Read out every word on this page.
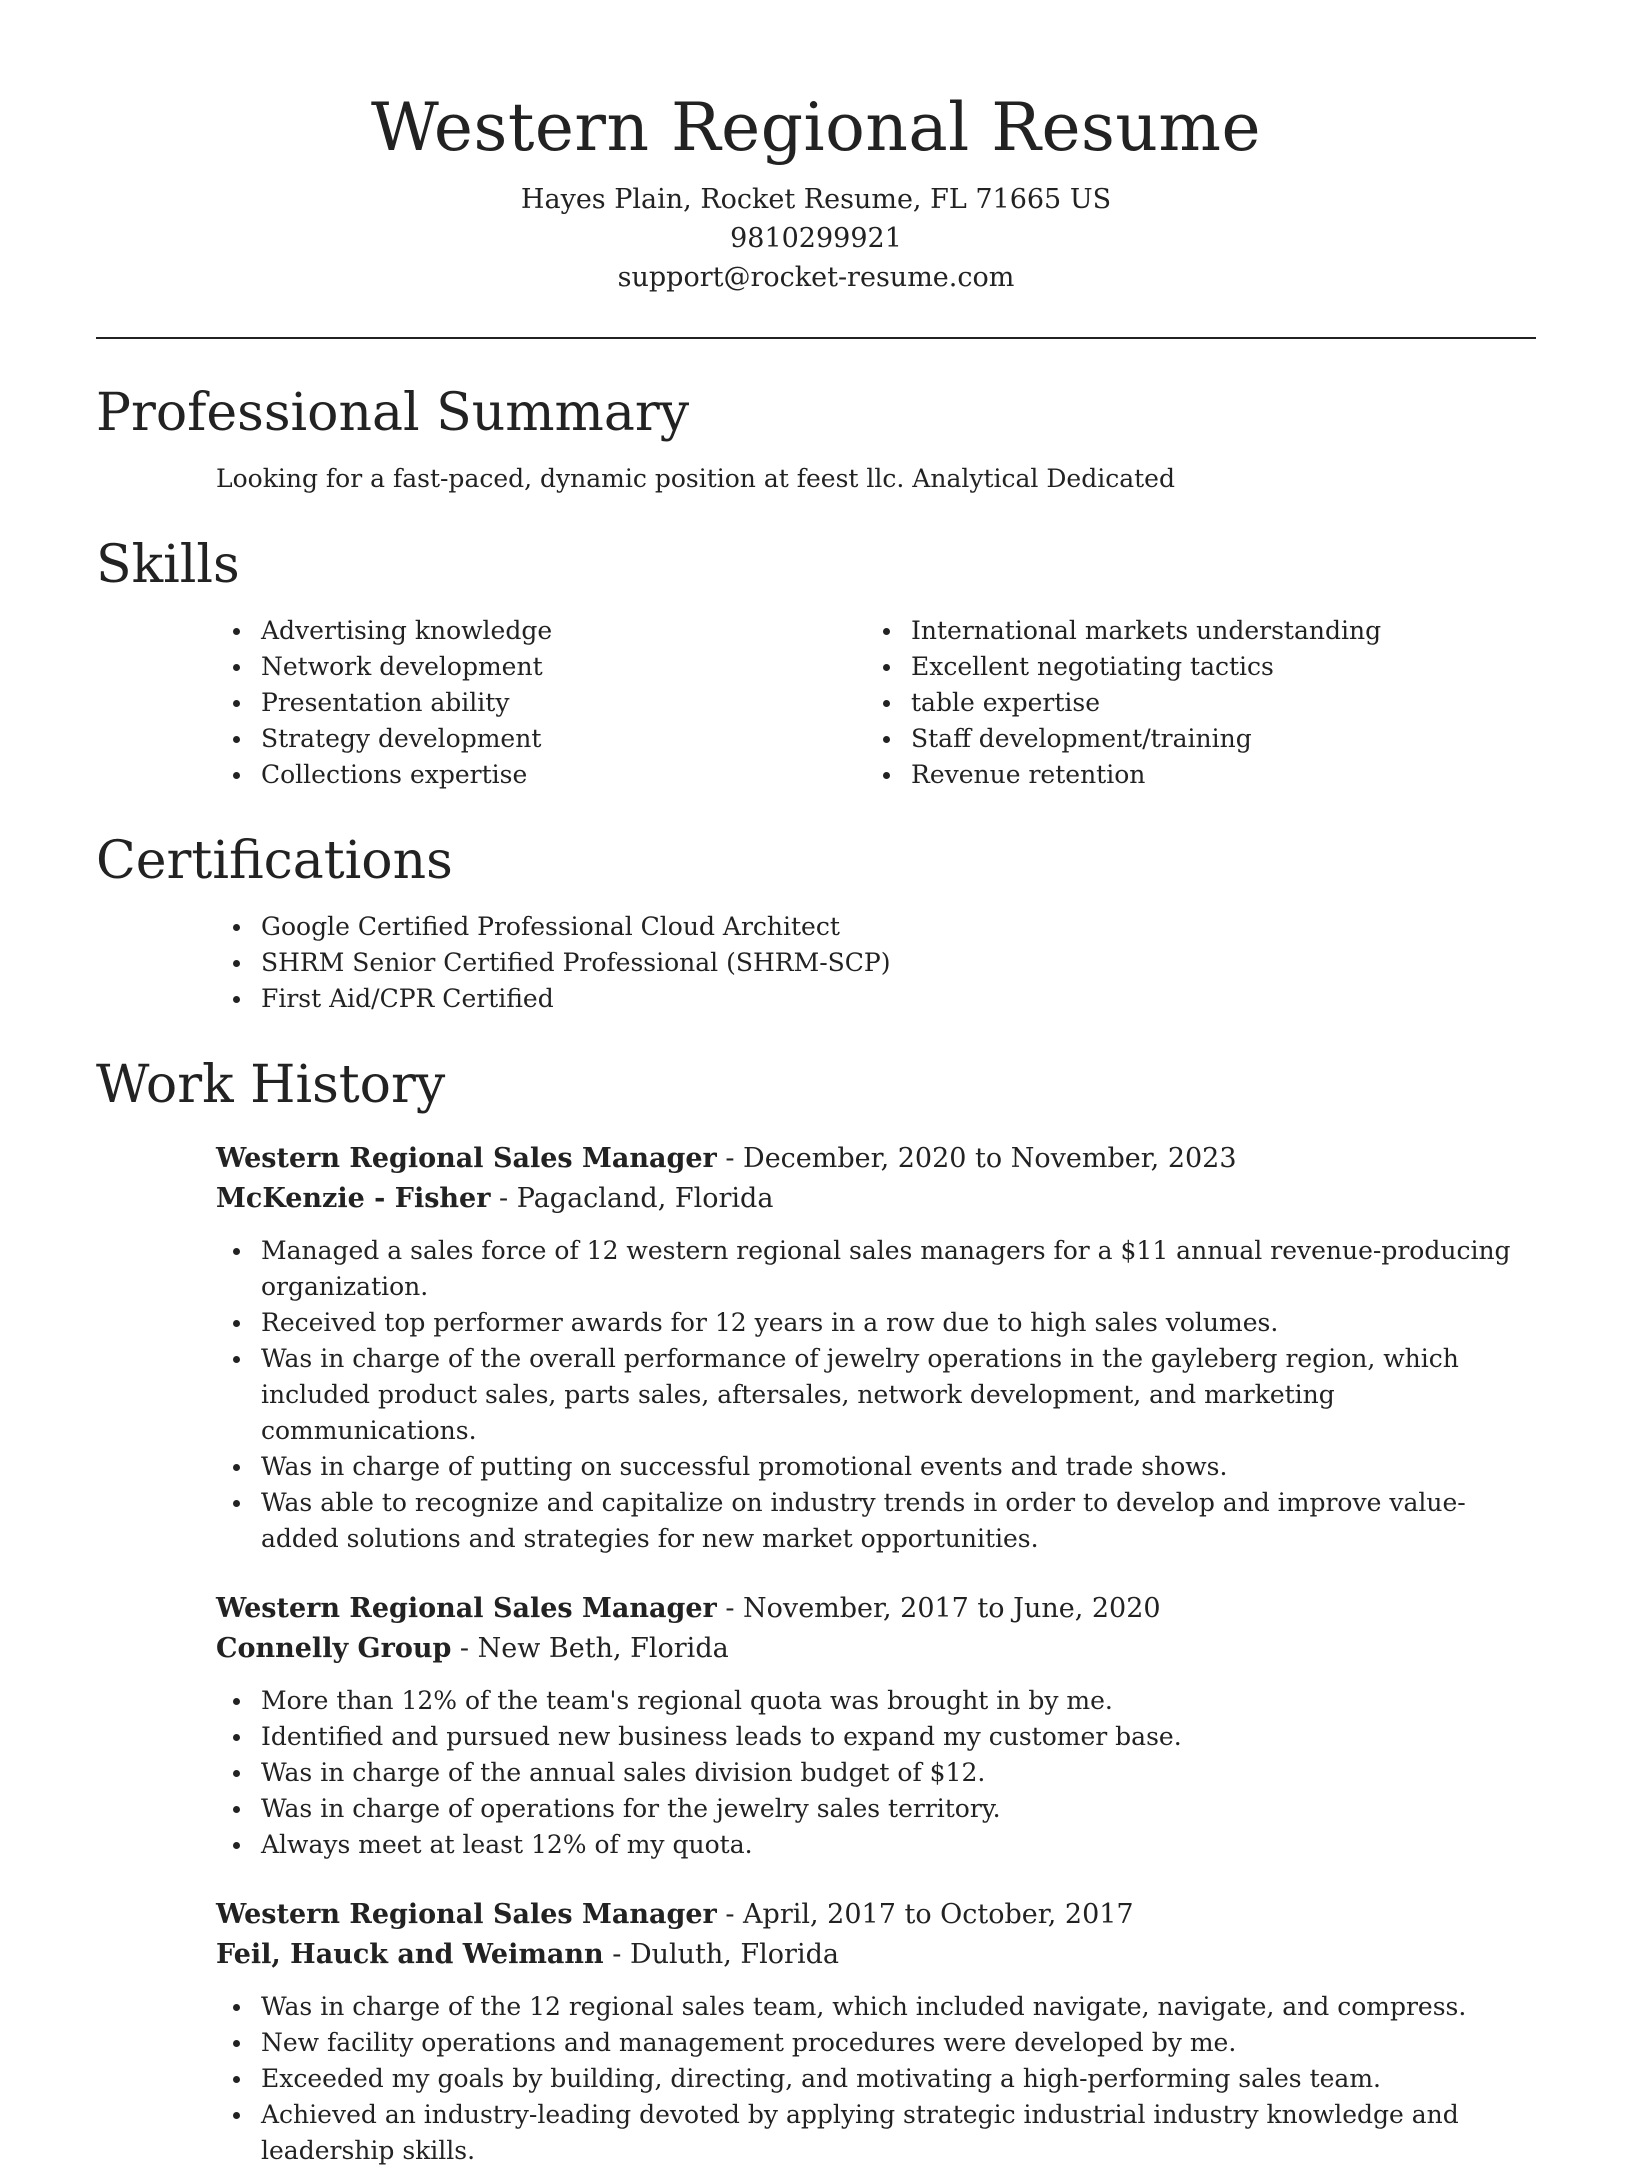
Western Regional Resume

Hayes Plain, Rocket Resume, FL 71665 US

9810299921

support@rocket-resume.com

Professional Summary

Looking for a fast-paced, dynamic position at feest llc. Analytical Dedicated

Skills
Advertising knowledge
Network development
Presentation ability
Strategy development
Collections expertise
International markets understanding
Excellent negotiating tactics
table expertise
Staff development/training
Revenue retention
Certifications
Google Certified Professional Cloud Architect
SHRM Senior Certified Professional (SHRM-SCP)
First Aid/CPR Certified
Work History
Western Regional Sales Manager - December, 2020 to November, 2023
McKenzie - Fisher - Pagacland, Florida
Managed a sales force of 12 western regional sales managers for a $11 annual revenue-producing organization.
Received top performer awards for 12 years in a row due to high sales volumes.
Was in charge of the overall performance of jewelry operations in the gayleberg region, which included product sales, parts sales, aftersales, network development, and marketing communications.
Was in charge of putting on successful promotional events and trade shows.
Was able to recognize and capitalize on industry trends in order to develop and improve value-added solutions and strategies for new market opportunities.
Western Regional Sales Manager - November, 2017 to June, 2020
Connelly Group - New Beth, Florida
More than 12% of the team's regional quota was brought in by me.
Identified and pursued new business leads to expand my customer base.
Was in charge of the annual sales division budget of $12.
Was in charge of operations for the jewelry sales territory.
Always meet at least 12% of my quota.
Western Regional Sales Manager - April, 2017 to October, 2017
Feil, Hauck and Weimann - Duluth, Florida
Was in charge of the 12 regional sales team, which included navigate, navigate, and compress.
New facility operations and management procedures were developed by me.
Exceeded my goals by building, directing, and motivating a high-performing sales team.
Achieved an industry-leading devoted by applying strategic industrial industry knowledge and leadership skills.
